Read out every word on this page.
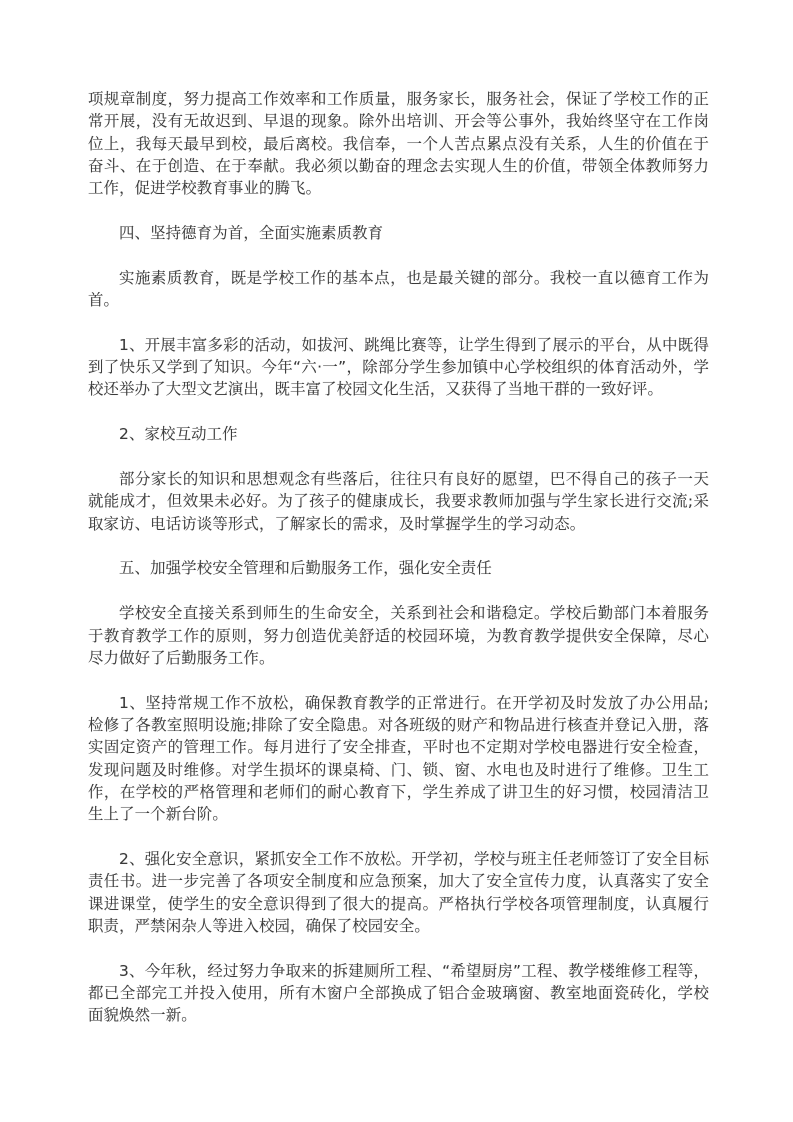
项规章制度，努力提高工作效率和工作质量，服务家长，服务社会，保证了学校工作的正常开展，没有无故迟到、早退的现象。除外出培训、开会等公事外，我始终坚守在工作岗位上，我每天最早到校，最后离校。我信奉，一个人苦点累点没有关系，人生的价值在于奋斗、在于创造、在于奉献。我必须以勤奋的理念去实现人生的价值，带领全体教师努力工作，促进学校教育事业的腾飞。

四、坚持德育为首，全面实施素质教育

实施素质教育，既是学校工作的基本点，也是最关键的部分。我校一直以德育工作为首。

1、开展丰富多彩的活动，如拔河、跳绳比赛等，让学生得到了展示的平台，从中既得到了快乐又学到了知识。今年“六·一”，除部分学生参加镇中心学校组织的体育活动外，学校还举办了大型文艺演出，既丰富了校园文化生活，又获得了当地干群的一致好评。

2、家校互动工作

部分家长的知识和思想观念有些落后，往往只有良好的愿望，巴不得自己的孩子一天就能成才，但效果未必好。为了孩子的健康成长，我要求教师加强与学生家长进行交流;采取家访、电话访谈等形式，了解家长的需求，及时掌握学生的学习动态。

五、加强学校安全管理和后勤服务工作，强化安全责任

学校安全直接关系到师生的生命安全，关系到社会和谐稳定。学校后勤部门本着服务于教育教学工作的原则，努力创造优美舒适的校园环境，为教育教学提供安全保障，尽心尽力做好了后勤服务工作。

1、坚持常规工作不放松，确保教育教学的正常进行。在开学初及时发放了办公用品;检修了各教室照明设施;排除了安全隐患。对各班级的财产和物品进行核查并登记入册，落实固定资产的管理工作。每月进行了安全排查，平时也不定期对学校电器进行安全检查，发现问题及时维修。对学生损坏的课桌椅、门、锁、窗、水电也及时进行了维修。卫生工作，在学校的严格管理和老师们的耐心教育下，学生养成了讲卫生的好习惯，校园清洁卫生上了一个新台阶。

2、强化安全意识，紧抓安全工作不放松。开学初，学校与班主任老师签订了安全目标责任书。进一步完善了各项安全制度和应急预案，加大了安全宣传力度，认真落实了安全课进课堂，使学生的安全意识得到了很大的提高。严格执行学校各项管理制度，认真履行职责，严禁闲杂人等进入校园，确保了校园安全。

3、今年秋，经过努力争取来的拆建厕所工程、“希望厨房”工程、教学楼维修工程等，都已全部完工并投入使用，所有木窗户全部换成了铝合金玻璃窗、教室地面瓷砖化，学校面貌焕然一新。
